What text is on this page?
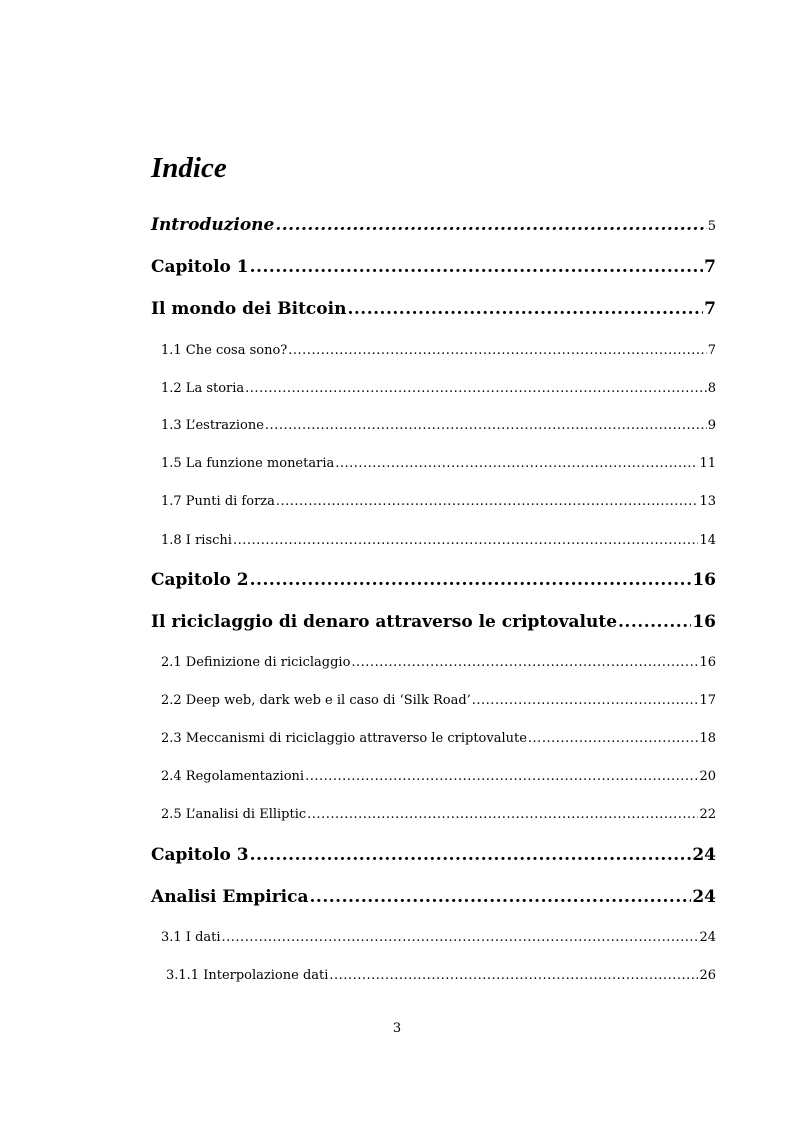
Indice
Introduzione .....	5
Capitolo 1 .....	7
Il mondo dei Bitcoin .....	7
1.1 Che cosa sono? .....	7
1.2 La storia .....	8
1.3 L’estrazione .....	9
1.5 La funzione monetaria .....	11
1.7 Punti di forza .....	13
1.8 I rischi .....	14
Capitolo 2 .....	16
Il riciclaggio di denaro attraverso le criptovalute .....	16
2.1 Definizione di riciclaggio .....	16
2.2 Deep web, dark web e il caso di ‘Silk Road’ .....	17
2.3 Meccanismi di riciclaggio attraverso le criptovalute .....	18
2.4 Regolamentazioni .....	20
2.5 L’analisi di Elliptic .....	22
Capitolo 3 .....	24
Analisi Empirica .....	24
3.1 I dati .....	24
3.1.1 Interpolazione dati .....	26
3
